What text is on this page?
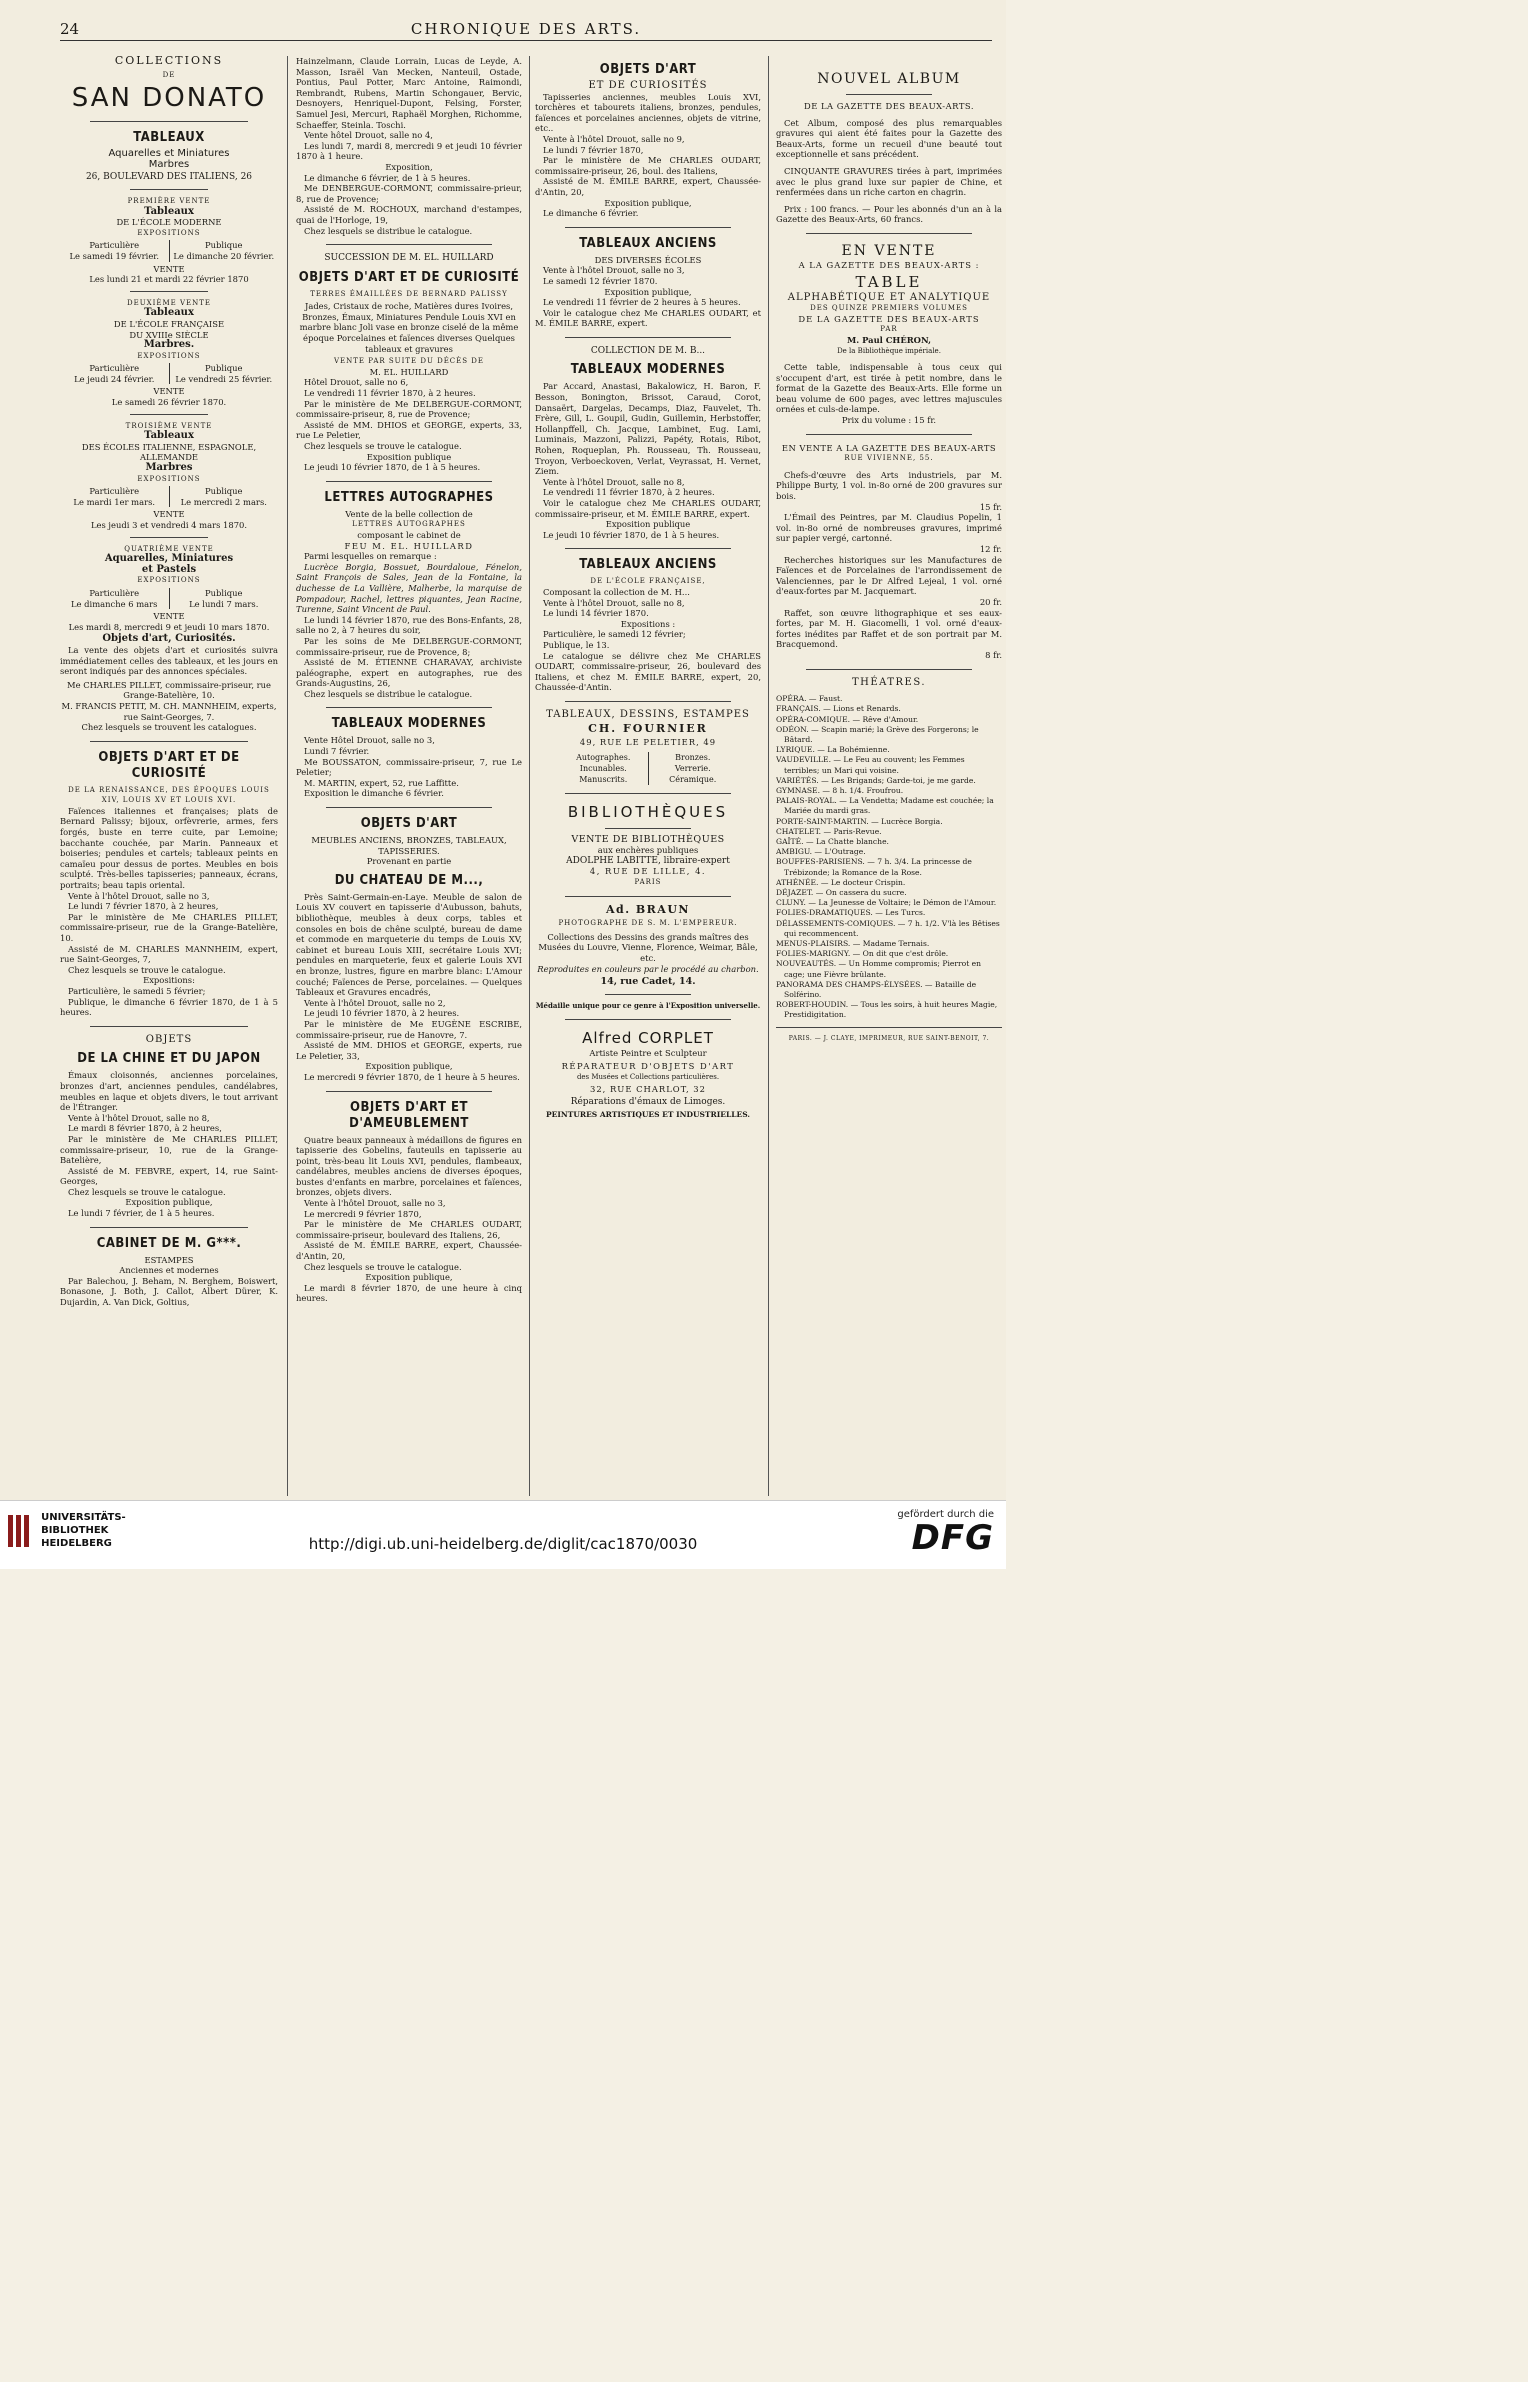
24	CHRONIQUE DES ARTS.

COLLECTIONS

DE

SAN DONATO

TABLEAUX

Aquarelles et Miniatures

Marbres

26, BOULEVARD DES ITALIENS, 26

PREMIÈRE VENTE

Tableaux

DE L'ÉCOLE MODERNE

EXPOSITIONS

Particulière
Le samedi 19 février.
Publique
Le dimanche 20 février.

VENTE

Les lundi 21 et mardi 22 février 1870

DEUXIÈME VENTE

Tableaux

DE L'ÉCOLE FRANÇAISE

DU XVIIIe SIÈCLE

Marbres.

EXPOSITIONS

Particulière
Le jeudi 24 février.
Publique
Le vendredi 25 février.

VENTE

Le samedi 26 février 1870.

TROISIÈME VENTE

Tableaux

DES ÉCOLES ITALIENNE, ESPAGNOLE,

ALLEMANDE

Marbres

EXPOSITIONS

Particulière
Le mardi 1er mars.
Publique
Le mercredi 2 mars.

VENTE

Les jeudi 3 et vendredi 4 mars 1870.

QUATRIÈME VENTE

Aquarelles, Miniatures

et Pastels

EXPOSITIONS

Particulière
Le dimanche 6 mars
Publique
Le lundi 7 mars.

VENTE

Les mardi 8, mercredi 9 et jeudi 10 mars 1870.

Objets d'art, Curiosités.

La vente des objets d'art et curiosités suivra immédiatement celles des tableaux, et les jours en seront indiqués par des annonces spéciales.

Me CHARLES PILLET, commissaire-priseur, rue Grange-Batelière, 10.

M. FRANCIS PETIT, M. CH. MANNHEIM, experts, rue Saint-Georges, 7.

Chez lesquels se trouvent les catalogues.

OBJETS D'ART ET DE CURIOSITÉ

DE LA RENAISSANCE, DES ÉPOQUES LOUIS XIV, LOUIS XV ET LOUIS XVI.

Faïences italiennes et françaises; plats de Bernard Palissy; bijoux, orfèvrerie, armes, fers forgés, buste en terre cuite, par Lemoine; bacchante couchée, par Marin. Panneaux et boiseries; pendules et cartels; tableaux peints en camaïeu pour dessus de portes. Meubles en bois sculpté. Très-belles tapisseries; panneaux, écrans, portraits; beau tapis oriental.

Vente à l'hôtel Drouot, salle no 3,

Le lundi 7 février 1870, à 2 heures,

Par le ministère de Me CHARLES PILLET, commissaire-priseur, rue de la Grange-Batelière, 10.

Assisté de M. CHARLES MANNHEIM, expert, rue Saint-Georges, 7,

Chez lesquels se trouve le catalogue.

Expositions:

Particulière, le samedi 5 février;

Publique, le dimanche 6 février 1870, de 1 à 5 heures.

OBJETS

DE LA CHINE ET DU JAPON

Émaux cloisonnés, anciennes porcelaines, bronzes d'art, anciennes pendules, candélabres, meubles en laque et objets divers, le tout arrivant de l'Étranger.

Vente à l'hôtel Drouot, salle no 8,

Le mardi 8 février 1870, à 2 heures,

Par le ministère de Me CHARLES PILLET, commissaire-priseur, 10, rue de la Grange-Batelière,

Assisté de M. FEBVRE, expert, 14, rue Saint-Georges,

Chez lesquels se trouve le catalogue.

Exposition publique,

Le lundi 7 février, de 1 à 5 heures.

CABINET DE M. G***.

ESTAMPES

Anciennes et modernes

Par Balechou, J. Beham, N. Berghem, Boiswert, Bonasone, J. Both, J. Callot, Albert Dürer, K. Dujardin, A. Van Dick, Goltius,

Hainzelmann, Claude Lorrain, Lucas de Leyde, A. Masson, Israël Van Mecken, Nanteuil, Ostade, Pontius, Paul Potter, Marc Antoine, Raimondi, Rembrandt, Rubens, Martin Schongauer, Bervic, Desnoyers, Henriquel-Dupont, Felsing, Forster, Samuel Jesi, Mercuri, Raphaël Morghen, Richomme, Schaeffer, Steinla. Toschi.

Vente hôtel Drouot, salle no 4,

Les lundi 7, mardi 8, mercredi 9 et jeudi 10 février 1870 à 1 heure.

Exposition,

Le dimanche 6 février, de 1 à 5 heures.

Me DENBERGUE-CORMONT, commissaire-prieur, 8, rue de Provence;

Assisté de M. ROCHOUX, marchand d'estampes, quai de l'Horloge, 19,

Chez lesquels se distribue le catalogue.

SUCCESSION DE M. EL. HUILLARD

OBJETS D'ART ET DE CURIOSITÉ

TERRES ÉMAILLÉES DE BERNARD PALISSY

Jades, Cristaux de roche, Matières dures Ivoires, Bronzes, Émaux, Miniatures Pendule Louis XVI en marbre blanc Joli vase en bronze ciselé de la même époque Porcelaines et faïences diverses Quelques tableaux et gravures

VENTE PAR SUITE DU DÉCÈS DE

M. EL. HUILLARD

Hôtel Drouot, salle no 6,

Le vendredi 11 février 1870, à 2 heures.

Par le ministère de Me DELBERGUE-CORMONT, commissaire-priseur, 8, rue de Provence;

Assisté de MM. DHIOS et GEORGE, experts, 33, rue Le Peletier,

Chez lesquels se trouve le catalogue.

Exposition publique

Le jeudi 10 février 1870, de 1 à 5 heures.

LETTRES AUTOGRAPHES

Vente de la belle collection de

LETTRES AUTOGRAPHES

composant le cabinet de

FEU M. EL. HUILLARD

Parmi lesquelles on remarque :

Lucrèce Borgia, Bossuet, Bourdaloue, Fénelon, Saint François de Sales, Jean de la Fontaine, la duchesse de La Vallière, Malherbe, la marquise de Pompadour, Rachel, lettres piquantes, Jean Racine, Turenne, Saint Vincent de Paul.

Le lundi 14 février 1870, rue des Bons-Enfants, 28, salle no 2, à 7 heures du soir,

Par les soins de Me DELBERGUE-CORMONT, commissaire-priseur, rue de Provence, 8;

Assisté de M. ÉTIENNE CHARAVAY, archiviste paléographe, expert en autographes, rue des Grands-Augustins, 26,

Chez lesquels se distribue le catalogue.

TABLEAUX MODERNES

Vente Hôtel Drouot, salle no 3,

Lundi 7 février.

Me BOUSSATON, commissaire-priseur, 7, rue Le Peletier;

M. MARTIN, expert, 52, rue Laffitte.

Exposition le dimanche 6 février.

OBJETS D'ART

MEUBLES ANCIENS, BRONZES, TABLEAUX, TAPISSERIES.

Provenant en partie

DU CHATEAU DE M...,

Près Saint-Germain-en-Laye. Meuble de salon de Louis XV couvert en tapisserie d'Aubusson, bahuts, bibliothèque, meubles à deux corps, tables et consoles en bois de chêne sculpté, bureau de dame et commode en marqueterie du temps de Louis XV, cabinet et bureau Louis XIII, secrétaire Louis XVI; pendules en marqueterie, feux et galerie Louis XVI en bronze, lustres, figure en marbre blanc: L'Amour couché; Faïences de Perse, porcelaines. — Quelques Tableaux et Gravures encadrés,

Vente à l'hôtel Drouot, salle no 2,

Le jeudi 10 février 1870, à 2 heures.

Par le ministère de Me EUGÈNE ESCRIBE, commissaire-priseur, rue de Hanovre, 7.

Assisté de MM. DHIOS et GEORGE, experts, rue Le Peletier, 33,

Exposition publique,

Le mercredi 9 février 1870, de 1 heure à 5 heures.

OBJETS D'ART ET D'AMEUBLEMENT

Quatre beaux panneaux à médaillons de figures en tapisserie des Gobelins, fauteuils en tapisserie au point, très-beau lit Louis XVI, pendules, flambeaux, candélabres, meubles anciens de diverses époques, bustes d'enfants en marbre, porcelaines et faïences, bronzes, objets divers.

Vente à l'hôtel Drouot, salle no 3,

Le mercredi 9 février 1870,

Par le ministère de Me CHARLES OUDART, commissaire-priseur, boulevard des Italiens, 26,

Assisté de M. ÉMILE BARRE, expert, Chaussée-d'Antin, 20,

Chez lesquels se trouve le catalogue.

Exposition publique,

Le mardi 8 février 1870, de une heure à cinq heures.

OBJETS D'ART

ET DE CURIOSITÉS

Tapisseries anciennes, meubles Louis XVI, torchères et tabourets italiens, bronzes, pendules, faïences et porcelaines anciennes, objets de vitrine, etc..

Vente à l'hôtel Drouot, salle no 9,

Le lundi 7 février 1870,

Par le ministère de Me CHARLES OUDART, commissaire-priseur, 26, boul. des Italiens,

Assisté de M. ÉMILE BARRE, expert, Chaussée-d'Antin, 20,

Exposition publique,

Le dimanche 6 février.

TABLEAUX ANCIENS

DES DIVERSES ÉCOLES

Vente à l'hôtel Drouot, salle no 3,

Le samedi 12 février 1870.

Exposition publique,

Le vendredi 11 février de 2 heures à 5 heures.

Voir le catalogue chez Me CHARLES OUDART, et M. ÉMILE BARRE, expert.

COLLECTION DE M. B...

TABLEAUX MODERNES

Par Accard, Anastasi, Bakalowicz, H. Baron, F. Besson, Bonington, Brissot, Caraud, Corot, Dansaërt, Dargelas, Decamps, Diaz, Fauvelet, Th. Frère, Gill, L. Goupil, Gudin, Guillemin, Herbstoffer, Hollanpffell, Ch. Jacque, Lambinet, Eug. Lami, Luminais, Mazzoni, Palizzi, Papéty, Rotais, Ribot, Rohen, Roqueplan, Ph. Rousseau, Th. Rousseau, Troyon, Verboeckoven, Verlat, Veyrassat, H. Vernet, Ziem.

Vente à l'hôtel Drouot, salle no 8,

Le vendredi 11 février 1870, à 2 heures.

Voir le catalogue chez Me CHARLES OUDART, commissaire-priseur, et M. ÉMILE BARRE, expert.

Exposition publique

Le jeudi 10 février 1870, de 1 à 5 heures.

TABLEAUX ANCIENS

DE L'ÉCOLE FRANÇAISE,

Composant la collection de M. H...

Vente à l'hôtel Drouot, salle no 8,

Le lundi 14 février 1870.

Expositions :

Particulière, le samedi 12 février;

Publique, le 13.

Le catalogue se délivre chez Me CHARLES OUDART, commissaire-priseur, 26, boulevard des Italiens, et chez M. ÉMILE BARRE, expert, 20, Chaussée-d'Antin.

TABLEAUX, DESSINS, ESTAMPES

CH. FOURNIER

49, RUE LE PELETIER, 49

Autographes.
Incunables.
Manuscrits.
Bronzes.
Verrerie.
Céramique.

BIBLIOTHÈQUES

VENTE DE BIBLIOTHÈQUES

aux enchères publiques

ADOLPHE LABITTE, libraire-expert

4, RUE DE LILLE, 4.

PARIS

Ad. BRAUN

PHOTOGRAPHE DE S. M. L'EMPEREUR.

Collections des Dessins des grands maîtres des Musées du Louvre, Vienne, Florence, Weimar, Bâle, etc.

Reproduites en couleurs par le procédé au charbon.

14, rue Cadet, 14.

Médaille unique pour ce genre à l'Exposition universelle.

Alfred CORPLET

Artiste Peintre et Sculpteur

RÉPARATEUR D'OBJETS D'ART

des Musées et Collections particulières.

32, RUE CHARLOT, 32

Réparations d'émaux de Limoges.

PEINTURES ARTISTIQUES ET INDUSTRIELLES.

NOUVEL ALBUM

DE LA GAZETTE DES BEAUX-ARTS.

Cet Album, composé des plus remarquables gravures qui aient été faites pour la Gazette des Beaux-Arts, forme un recueil d'une beauté tout exceptionnelle et sans précédent.

CINQUANTE GRAVURES tirées à part, imprimées avec le plus grand luxe sur papier de Chine, et renfermées dans un riche carton en chagrin.

Prix : 100 francs. — Pour les abonnés d'un an à la Gazette des Beaux-Arts, 60 francs.

EN VENTE

A LA GAZETTE DES BEAUX-ARTS :

TABLE

ALPHABÉTIQUE ET ANALYTIQUE

DES QUINZE PREMIERS VOLUMES

DE LA GAZETTE DES BEAUX-ARTS

PAR

M. Paul CHÉRON,

De la Bibliothèque impériale.

Cette table, indispensable à tous ceux qui s'occupent d'art, est tirée à petit nombre, dans le format de la Gazette des Beaux-Arts. Elle forme un beau volume de 600 pages, avec lettres majuscules ornées et culs-de-lampe.

Prix du volume : 15 fr.

EN VENTE A LA GAZETTE DES BEAUX-ARTS

RUE VIVIENNE, 55.

Chefs-d'œuvre des Arts industriels, par M. Philippe Burty, 1 vol. in-8o orné de 200 gravures sur bois.

15 fr.

L'Émail des Peintres, par M. Claudius Popelin, 1 vol. in-8o orné de nombreuses gravures, imprimé sur papier vergé, cartonné.

12 fr.

Recherches historiques sur les Manufactures de Faïences et de Porcelaines de l'arrondissement de Valenciennes, par le Dr Alfred Lejeal, 1 vol. orné d'eaux-fortes par M. Jacquemart.

20 fr.

Raffet, son œuvre lithographique et ses eaux-fortes, par M. H. Giacomelli, 1 vol. orné d'eaux-fortes inédites par Raffet et de son portrait par M. Bracquemond.

8 fr.

THÉATRES.

OPÉRA. — Faust.

FRANÇAIS. — Lions et Renards.

OPÉRA-COMIQUE. — Rêve d'Amour.

ODÉON. — Scapin marié; la Grève des Forgerons; le Bâtard.

LYRIQUE. — La Bohémienne.

VAUDEVILLE. — Le Feu au couvent; les Femmes terribles; un Mari qui voisine.

VARIÉTÉS. — Les Brigands; Garde-toi, je me garde.

GYMNASE. — 8 h. 1/4. Froufrou.

PALAIS-ROYAL. — La Vendetta; Madame est couchée; la Mariée du mardi gras.

PORTE-SAINT-MARTIN. — Lucrèce Borgia.

CHATELET. — Paris-Revue.

GAÎTÉ. — La Chatte blanche.

AMBIGU. — L'Outrage.

BOUFFES-PARISIENS. — 7 h. 3/4. La princesse de Trébizonde; la Romance de la Rose.

ATHÉNÉE. — Le docteur Crispin.

DÉJAZET. — On cassera du sucre.

CLUNY. — La Jeunesse de Voltaire; le Démon de l'Amour.

FOLIES-DRAMATIQUES. — Les Turcs.

DÉLASSEMENTS-COMIQUES. — 7 h. 1/2. V'là les Bêtises qui recommencent.

MENUS-PLAISIRS. — Madame Ternais.

FOLIES-MARIGNY. — On dit que c'est drôle.

NOUVEAUTÉS. — Un Homme compromis; Pierrot en cage; une Fièvre brûlante.

PANORAMA DES CHAMPS-ÉLYSÉES. — Bataille de Solférino.

ROBERT-HOUDIN. — Tous les soirs, à huit heures Magie, Prestidigitation.

PARIS. — J. CLAYE, IMPRIMEUR, RUE SAINT-BENOIT, 7.

UNIVERSITÄTS-
BIBLIOTHEK
HEIDELBERG	http://digi.ub.uni-heidelberg.de/diglit/cac1870/0030
gefördert durch die
DFG
